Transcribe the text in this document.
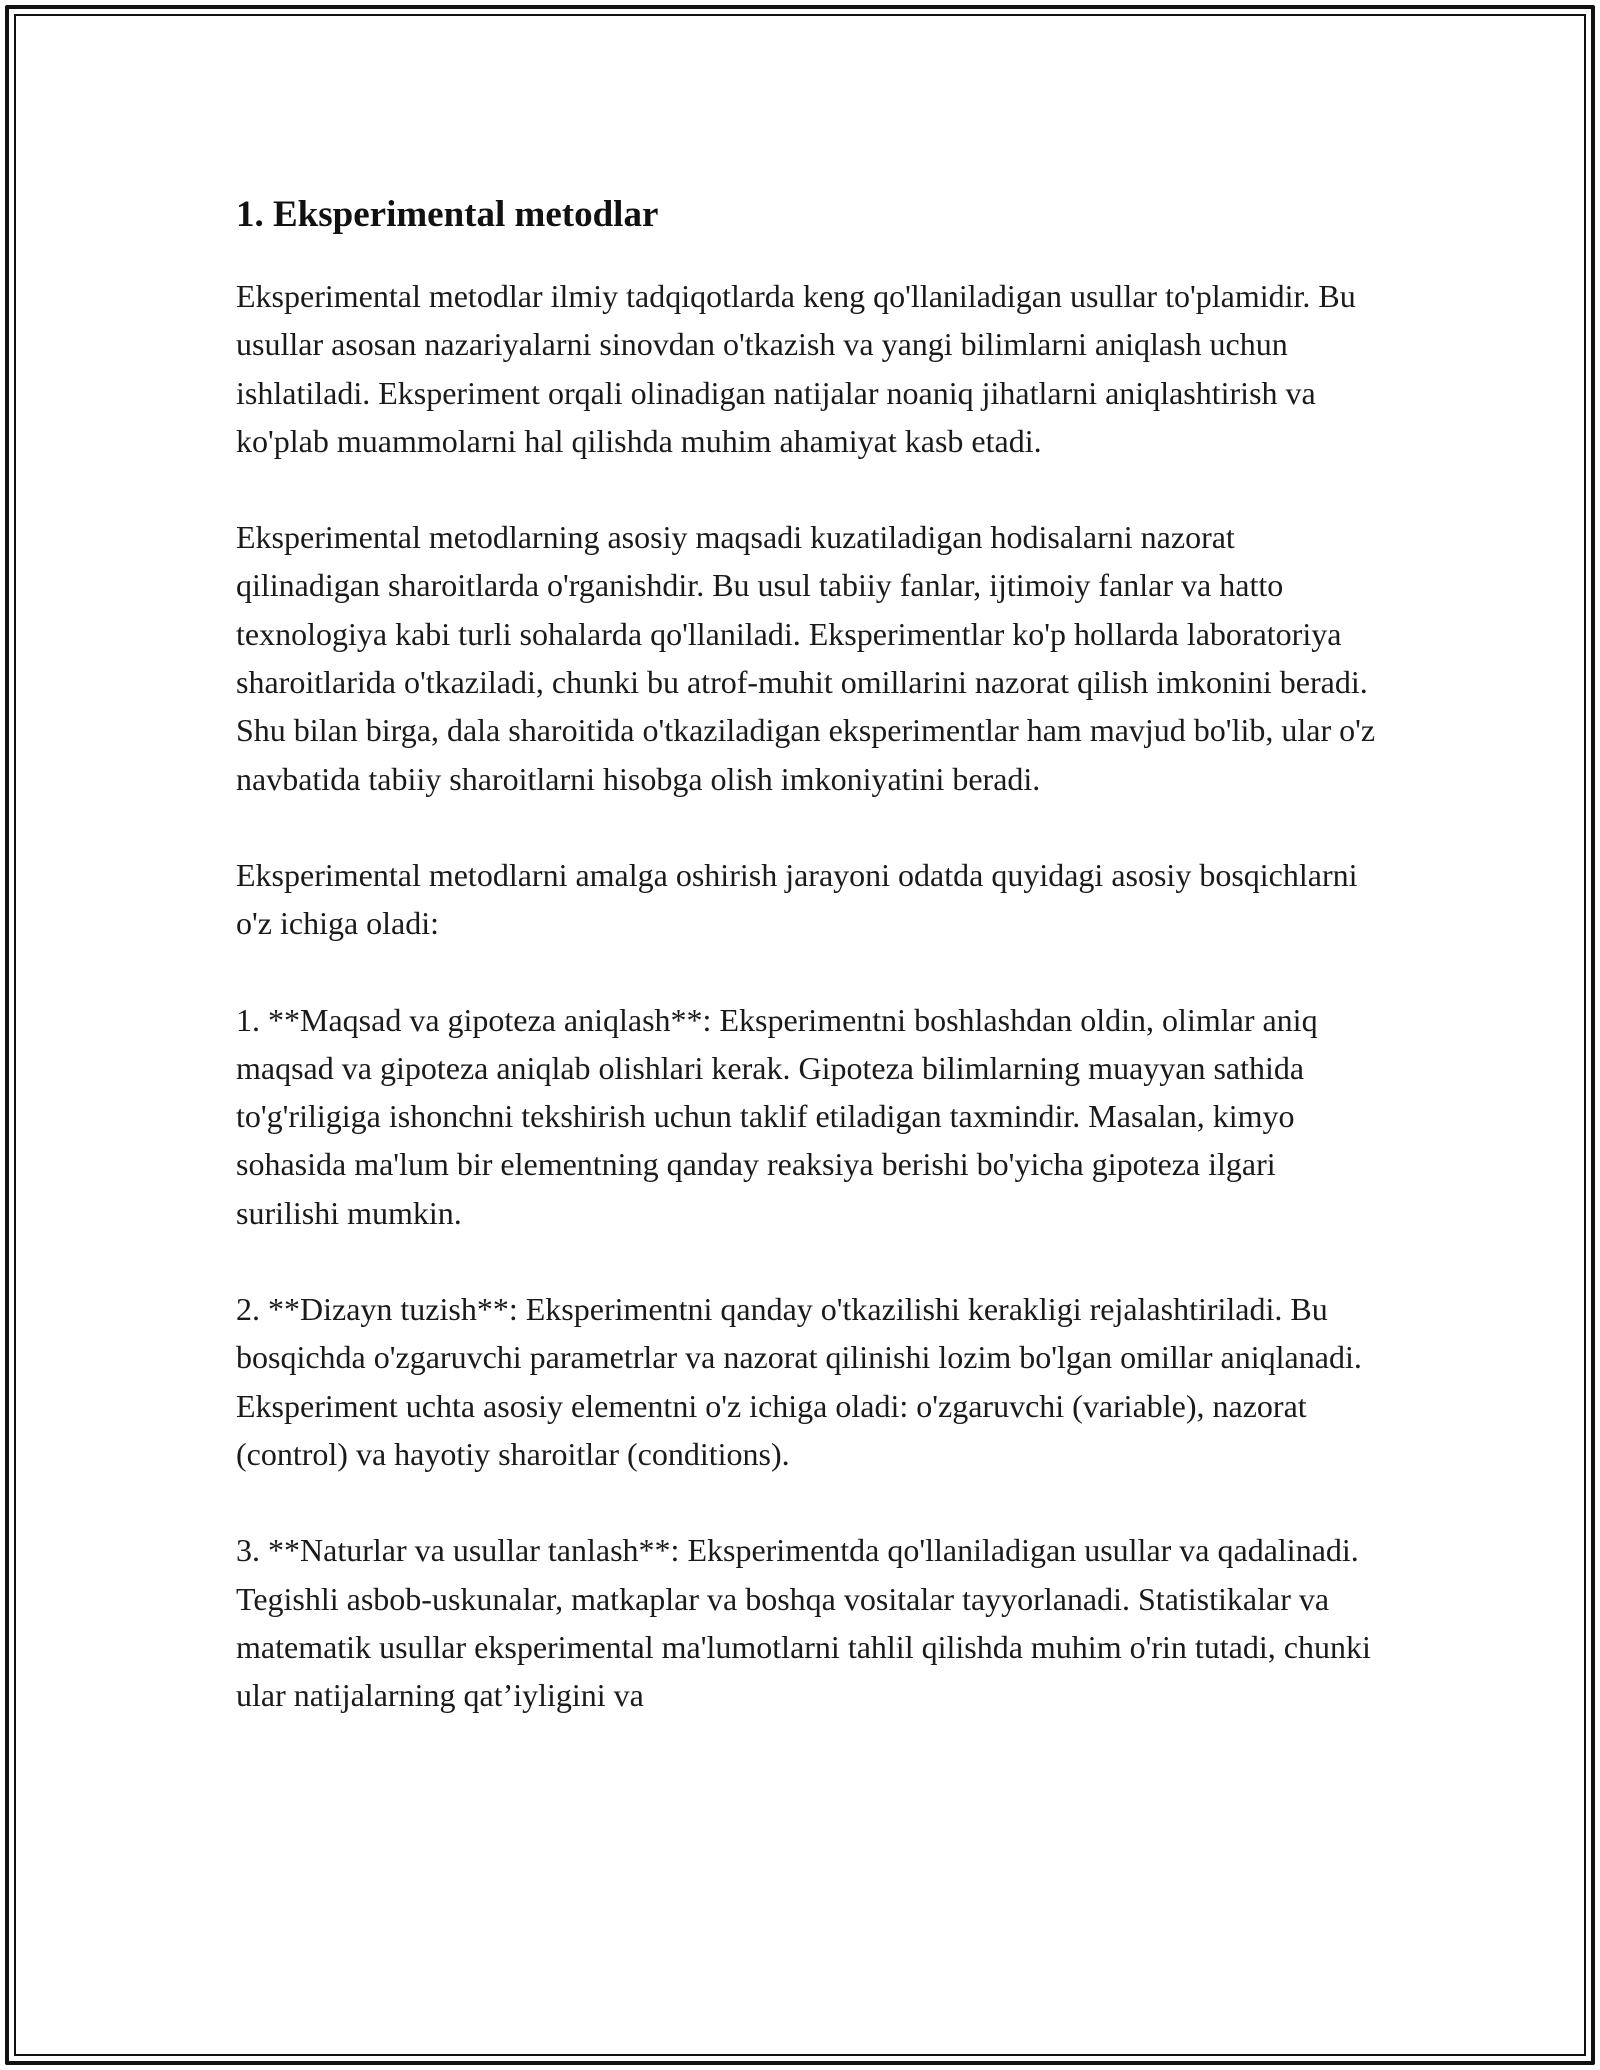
1. Eksperimental metodlar

Eksperimental metodlar ilmiy tadqiqotlarda keng qo'llaniladigan usullar to'plamidir. Bu usullar asosan nazariyalarni sinovdan o'tkazish va yangi bilimlarni aniqlash uchun ishlatiladi. Eksperiment orqali olinadigan natijalar noaniq jihatlarni aniqlashtirish va ko'plab muammolarni hal qilishda muhim ahamiyat kasb etadi.

Eksperimental metodlarning asosiy maqsadi kuzatiladigan hodisalarni nazorat qilinadigan sharoitlarda o'rganishdir. Bu usul tabiiy fanlar, ijtimoiy fanlar va hatto texnologiya kabi turli sohalarda qo'llaniladi. Eksperimentlar ko'p hollarda laboratoriya sharoitlarida o'tkaziladi, chunki bu atrof-muhit omillarini nazorat qilish imkonini beradi. Shu bilan birga, dala sharoitida o'tkaziladigan eksperimentlar ham mavjud bo'lib, ular o'z navbatida tabiiy sharoitlarni hisobga olish imkoniyatini beradi.

Eksperimental metodlarni amalga oshirish jarayoni odatda quyidagi asosiy bosqichlarni o'z ichiga oladi:

1. **Maqsad va gipoteza aniqlash**: Eksperimentni boshlashdan oldin, olimlar aniq maqsad va gipoteza aniqlab olishlari kerak. Gipoteza bilimlarning muayyan sathida to'g'riligiga ishonchni tekshirish uchun taklif etiladigan taxmindir. Masalan, kimyo sohasida ma'lum bir elementning qanday reaksiya berishi bo'yicha gipoteza ilgari surilishi mumkin.

2. **Dizayn tuzish**: Eksperimentni qanday o'tkazilishi kerakligi rejalashtiriladi. Bu bosqichda o'zgaruvchi parametrlar va nazorat qilinishi lozim bo'lgan omillar aniqlanadi. Eksperiment uchta asosiy elementni o'z ichiga oladi: o'zgaruvchi (variable), nazorat (control) va hayotiy sharoitlar (conditions).

3. **Naturlar va usullar tanlash**: Eksperimentda qo'llaniladigan usullar va qadalinadi. Tegishli asbob-uskunalar, matkaplar va boshqa vositalar tayyorlanadi. Statistikalar va matematik usullar eksperimental ma'lumotlarni tahlil qilishda muhim o'rin tutadi, chunki ular natijalarning qat’iyligini va
